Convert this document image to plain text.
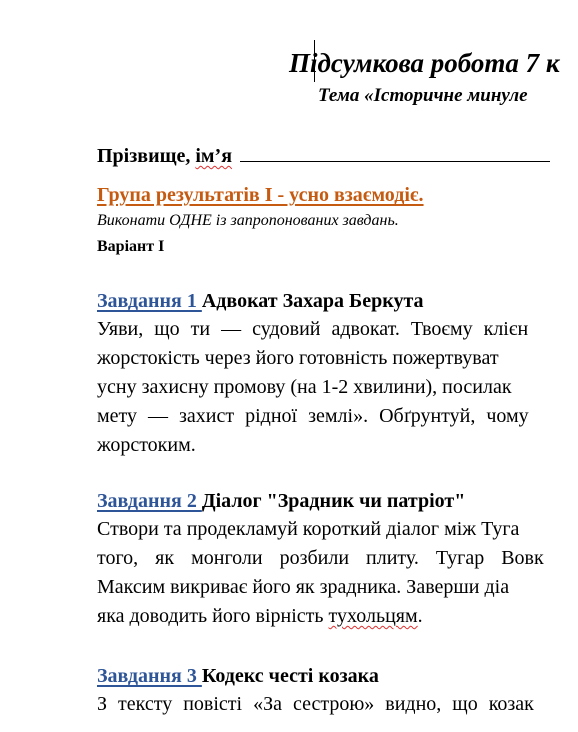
Підсумкова робота 7 к
Тема «Історичне минуле
Прізвище, ім’я
Група результатів І - усно взаємодіє.
Виконати ОДНЕ із запропонованих завдань.
Варіант І
Завдання 1 Адвокат Захара Беркута
Уяви, що ти — судовий адвокат. Твоєму клієн
жорстокість через його готовність пожертвуват
усну захисну промову (на 1-2 хвилини), посилак
мету — захист рідної землі». Обґрунтуй, чому
жорстоким.
Завдання 2 Діалог "Зрадник чи патріот"
Створи та продекламуй короткий діалог між Туга
того, як монголи розбили плиту. Тугар Вовк
Максим викриває його як зрадника. Заверши діа
яка доводить його вірність тухольцям.
Завдання 3 Кодекс честі козака
З тексту повісті «За сестрою» видно, що козак
